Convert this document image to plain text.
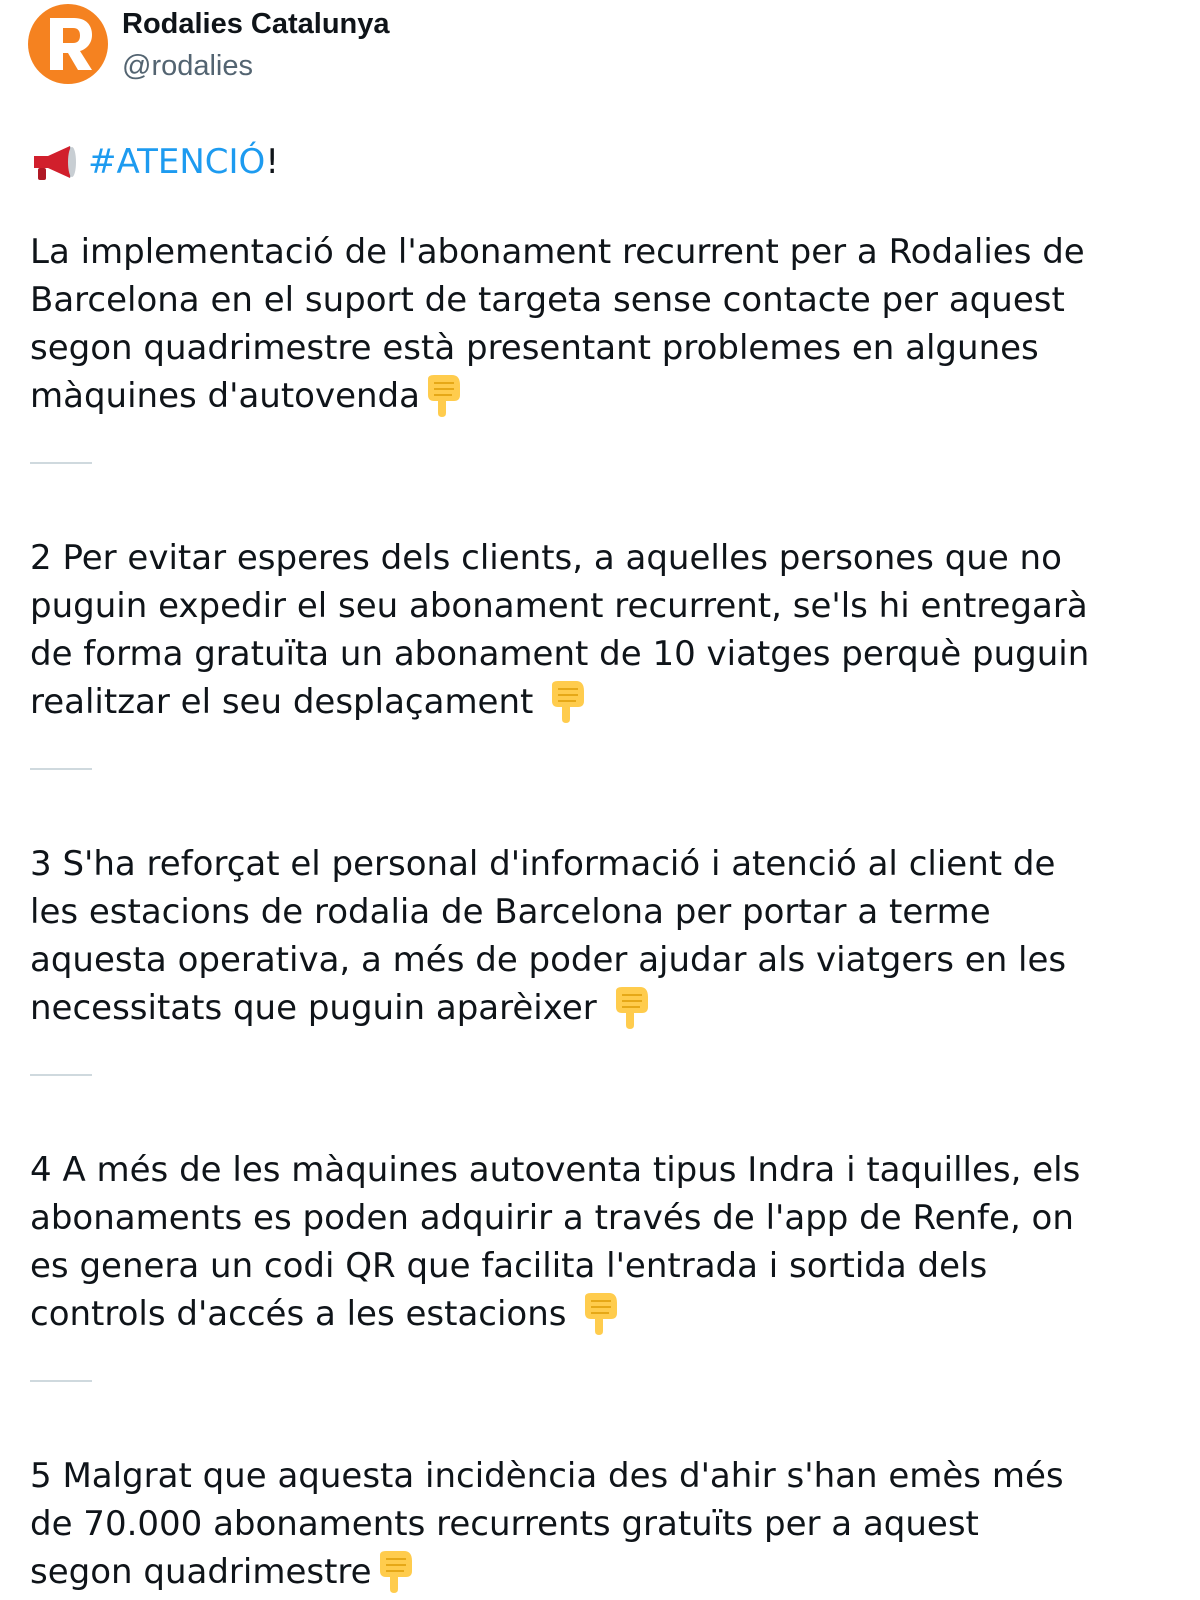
Rodalies Catalunya
@rodalies
#ATENCIÓ !

La implementació de l'abonament recurrent per a Rodalies de
Barcelona en el suport de targeta sense contacte per aquest
segon quadrimestre està presentant problemes en algunes
màquines d'autovenda

2 Per evitar esperes dels clients, a aquelles persones que no
puguin expedir el seu abonament recurrent, se'ls hi entregarà
de forma gratuïta un abonament de 10 viatges perquè puguin
realitzar el seu desplaçament

3 S'ha reforçat el personal d'informació i atenció al client de
les estacions de rodalia de Barcelona per portar a terme
aquesta operativa, a més de poder ajudar als viatgers en les
necessitats que puguin aparèixer

4 A més de les màquines autoventa tipus Indra i taquilles, els
abonaments es poden adquirir a través de l'app de Renfe, on
es genera un codi QR que facilita l'entrada i sortida dels
controls d'accés a les estacions

5 Malgrat que aquesta incidència des d'ahir s'han emès més
de 70.000 abonaments recurrents gratuïts per a aquest
segon quadrimestre
